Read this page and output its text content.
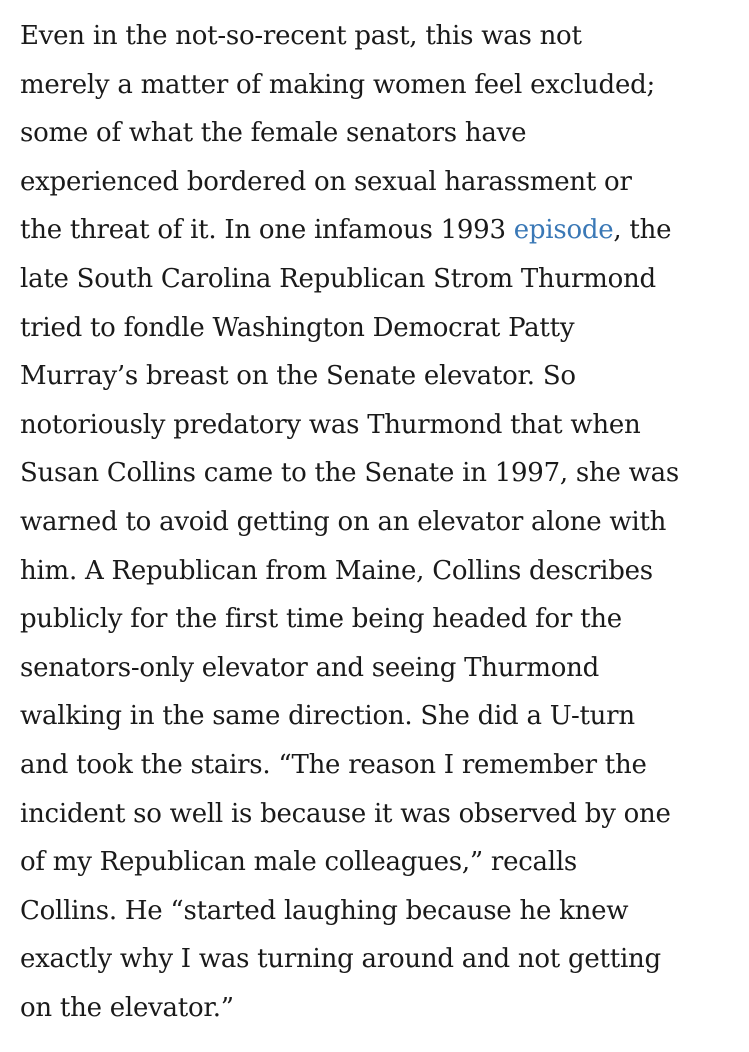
Even in the not-so-recent past, this was not
merely a matter of making women feel excluded;
some of what the female senators have
experienced bordered on sexual harassment or
the threat of it. In one infamous 1993 episode, the
late South Carolina Republican Strom Thurmond
tried to fondle Washington Democrat Patty
Murray’s breast on the Senate elevator. So
notoriously predatory was Thurmond that when
Susan Collins came to the Senate in 1997, she was
warned to avoid getting on an elevator alone with
him. A Republican from Maine, Collins describes
publicly for the first time being headed for the
senators-only elevator and seeing Thurmond
walking in the same direction. She did a U-turn
and took the stairs. “The reason I remember the
incident so well is because it was observed by one
of my Republican male colleagues,” recalls
Collins. He “started laughing because he knew
exactly why I was turning around and not getting
on the elevator.”
